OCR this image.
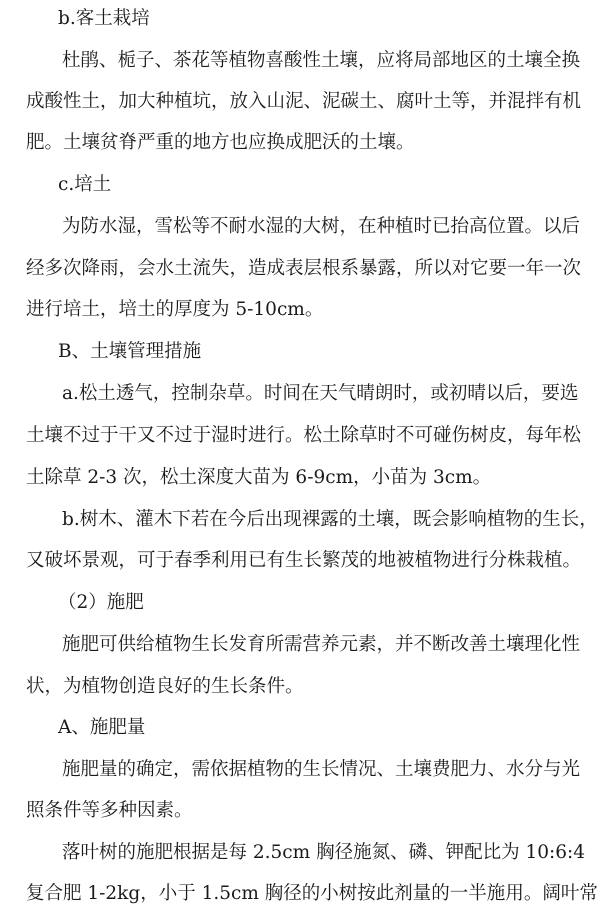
b.客土栽培
杜鹃、栀子、茶花等植物喜酸性土壤，应将局部地区的土壤全换
成酸性土，加大种植坑，放入山泥、泥碳土、腐叶土等，并混拌有机
肥。土壤贫脊严重的地方也应换成肥沃的土壤。
c.培土
为防水湿，雪松等不耐水湿的大树，在种植时已抬高位置。以后
经多次降雨，会水土流失，造成表层根系暴露，所以对它要一年一次
进行培土，培土的厚度为 5-10cm。
B、土壤管理措施
a.松土透气，控制杂草。时间在天气晴朗时，或初晴以后，要选
土壤不过于干又不过于湿时进行。松土除草时不可碰伤树皮，每年松
土除草 2-3 次，松土深度大苗为 6-9cm，小苗为 3cm。
b.树木、灌木下若在今后出现裸露的土壤，既会影响植物的生长，
又破坏景观，可于春季利用已有生长繁茂的地被植物进行分株栽植。
（2）施肥
施肥可供给植物生长发育所需营养元素，并不断改善土壤理化性
状，为植物创造良好的生长条件。
A、施肥量
施肥量的确定，需依据植物的生长情况、土壤费肥力、水分与光
照条件等多种因素。
落叶树的施肥根据是每 2.5cm 胸径施氮、磷、钾配比为 10:6:4
复合肥 1-2kg，小于 1.5cm 胸径的小树按此剂量的一半施用。阔叶常
